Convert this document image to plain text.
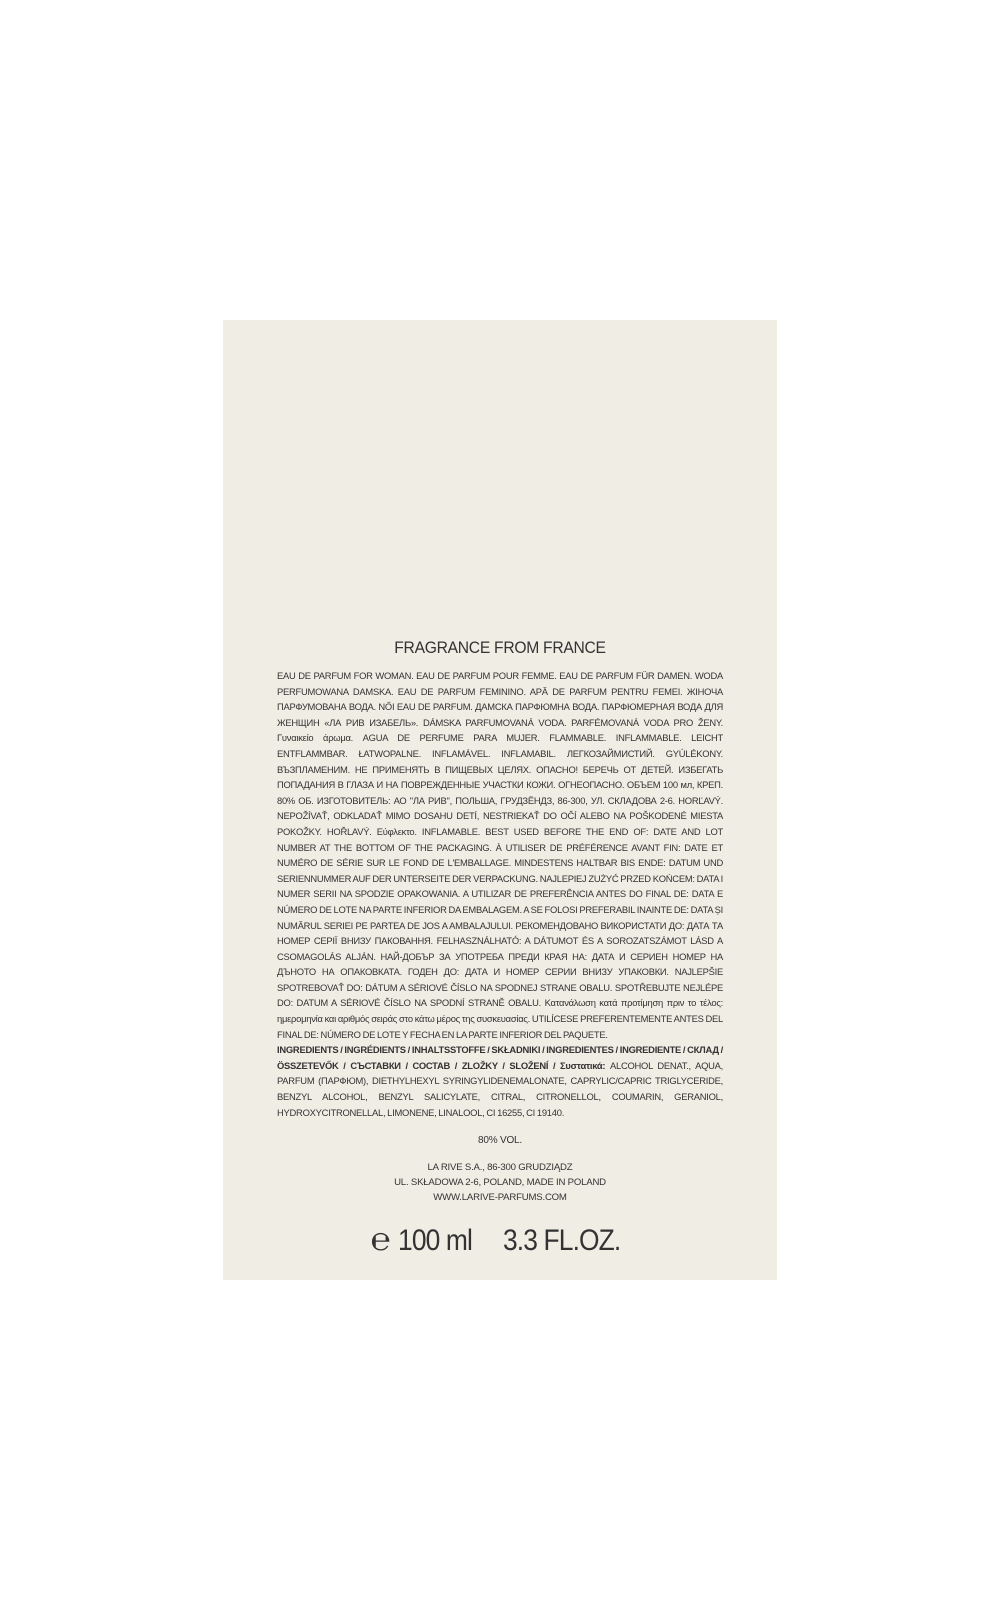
FRAGRANCE FROM FRANCE

EAU DE PARFUM FOR WOMAN. EAU DE PARFUM POUR FEMME. EAU DE PARFUM FÜR DAMEN. WODA PERFUMOWANA DAMSKA. EAU DE PARFUM FEMININO. APĂ DE PARFUM PENTRU FEMEI. ЖІНОЧА ПАРФУМОВАНА ВОДА. NŐI EAU DE PARFUM. ДАМСКА ПАРФЮМНА ВОДА. ПАРФЮМЕРНАЯ ВОДА ДЛЯ ЖЕНЩИН «ЛА РИВ ИЗАБЕЛЬ». DÁMSKA PARFUMOVANÁ VODA. PARFÉMOVANÁ VODA PRO ŽENY. Γυναικείο άρωμα. AGUA DE PERFUME PARA MUJER. FLAMMABLE. INFLAMMABLE. LEICHT ENTFLAMMBAR. ŁATWOPALNE. INFLAMÁVEL. INFLAMABIL. ЛЕГКОЗАЙМИСТИЙ. GYÚLÉKONY. ВЪЗПЛАМЕНИМ. НЕ ПРИМЕНЯТЬ В ПИЩЕВЫХ ЦЕЛЯХ. ОПАСНО! БЕРЕЧЬ ОТ ДЕТЕЙ. ИЗБЕГАТЬ ПОПАДАНИЯ В ГЛАЗА И НА ПОВРЕЖДЕННЫЕ УЧАСТКИ КОЖИ. ОГНЕОПАСНО. ОБЪЕМ 100 мл, КРЕП. 80% ОБ. ИЗГОТОВИТЕЛЬ: АО "ЛА РИВ", ПОЛЬША, ГРУДЗЁНДЗ, 86-300, УЛ. СКЛАДОВА 2-6. HORĽAVÝ. NEPOŽÍVAŤ, ODKLADAŤ MIMO DOSAHU DETÍ, NESTRIEKAŤ DO OČÍ ALEBO NA POŠKODENÉ MIESTA POKOŽKY. HOŘLAVÝ. Εύφλεκτο. INFLAMABLE. BEST USED BEFORE THE END OF: DATE AND LOT NUMBER AT THE BOTTOM OF THE PACKAGING. À UTILISER DE PRÉFÉRENCE AVANT FIN: DATE ET NUMÉRO DE SÉRIE SUR LE FOND DE L'EMBALLAGE. MINDESTENS HALTBAR BIS ENDE: DATUM UND SERIENNUMMER AUF DER UNTERSEITE DER VERPACKUNG. NAJLEPIEJ ZUŻYĆ PRZED KOŃCEM: DATA I NUMER SERII NA SPODZIE OPAKOWANIA. A UTILIZAR DE PREFERÊNCIA ANTES DO FINAL DE: DATA E NÚMERO DE LOTE NA PARTE INFERIOR DA EMBALAGEM. A SE FOLOSI PREFERABIL INAINTE DE: DATA ȘI NUMĂRUL SERIEI PE PARTEA DE JOS A AMBALAJULUI. РЕКОМЕНДОВАНО ВИКОРИСТАТИ ДО: ДАТА ТА НОМЕР СЕРІЇ ВНИЗУ ПАКОВАННЯ. FELHASZNÁLHATÓ: A DÁTUMOT ÉS A SOROZATSZÁMOT LÁSD A CSOMAGOLÁS ALJÁN. НАЙ-ДОБЪР ЗА УПОТРЕБА ПРЕДИ КРАЯ НА: ДАТА И СЕРИЕН НОМЕР НА ДЪНОТО НА ОПАКОВКАТА. ГОДЕН ДО: ДАТА И НОМЕР СЕРИИ ВНИЗУ УПАКОВКИ. NAJLEPŠIE SPOTREBOVAŤ DO: DÁTUM A SÉRIOVÉ ČÍSLO NA SPODNEJ STRANE OBALU. SPOTŘEBUJTE NEJLÉPE DO: DATUM A SÉRIOVÉ ČÍSLO NA SPODNÍ STRANĚ OBALU. Κατανάλωση κατά προτίμηση πριν το τέλος: ημερομηνία και αριθμός σειράς στο κάτω μέρος της συσκευασίας. UTILÍCESE PREFERENTEMENTE ANTES DEL FINAL DE: NÚMERO DE LOTE Y FECHA EN LA PARTE INFERIOR DEL PAQUETE.

INGREDIENTS / INGRÉDIENTS / INHALTSSTOFFE / SKŁADNIKI / INGREDIENTES / INGREDIENTE / СКЛАД / ÖSSZETEVŐK / СЪСТАВКИ / СОСТАВ / ZLOŽKY / SLOŽENÍ / Συστατικά: ALCOHOL DENAT., AQUA, PARFUM (ПАРФЮМ), DIETHYLHEXYL SYRINGYLIDENEMALONATE, CAPRYLIC/CAPRIC TRIGLYCERIDE, BENZYL ALCOHOL, BENZYL SALICYLATE, CITRAL, CITRONELLOL, COUMARIN, GERANIOL, HYDROXYCITRONELLAL, LIMONENE, LINALOOL, CI 16255, CI 19140.

80% VOL.
LA RIVE S.A., 86-300 GRUDZIĄDZ
UL. SKŁADOWA 2-6, POLAND, MADE IN POLAND
WWW.LARIVE-PARFUMS.COM
℮ 100 ml 3.3 FL.OZ.
